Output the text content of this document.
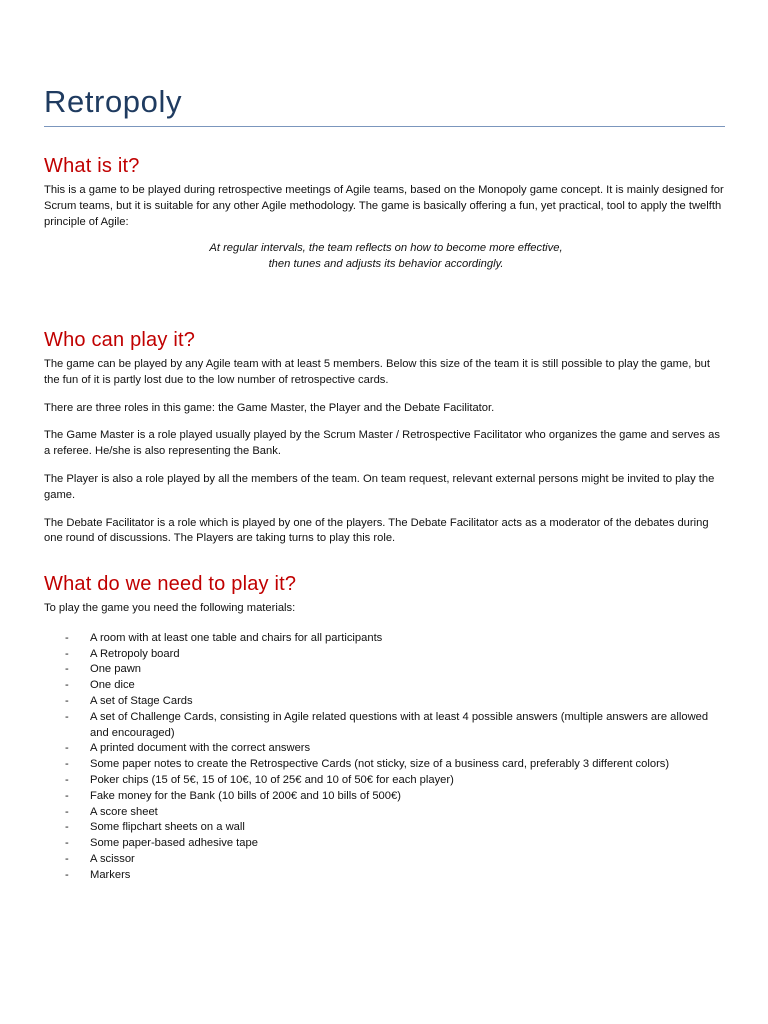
Retropoly
What is it?

This is a game to be played during retrospective meetings of Agile teams, based on the Monopoly game concept. It is mainly designed for Scrum teams, but it is suitable for any other Agile methodology. The game is basically offering a fun, yet practical, tool to apply the twelfth principle of Agile:

At regular intervals, the team reflects on how to become more effective,
then tunes and adjusts its behavior accordingly.

Who can play it?

The game can be played by any Agile team with at least 5 members. Below this size of the team it is still possible to play the game, but the fun of it is partly lost due to the low number of retrospective cards.

There are three roles in this game: the Game Master, the Player and the Debate Facilitator.

The Game Master is a role played usually played by the Scrum Master / Retrospective Facilitator who organizes the game and serves as a referee. He/she is also representing the Bank.

The Player is also a role played by all the members of the team. On team request, relevant external persons might be invited to play the game.

The Debate Facilitator is a role which is played by one of the players. The Debate Facilitator acts as a moderator of the debates during one round of discussions. The Players are taking turns to play this role.

What do we need to play it?

To play the game you need the following materials:

- A room with at least one table and chairs for all participants
- A Retropoly board
- One pawn
- One dice
- A set of Stage Cards
- A set of Challenge Cards, consisting in Agile related questions with at least 4 possible answers (multiple answers are allowed and encouraged)
- A printed document with the correct answers
- Some paper notes to create the Retrospective Cards (not sticky, size of a business card, preferably 3 different colors)
- Poker chips (15 of 5€, 15 of 10€, 10 of 25€ and 10 of 50€ for each player)
- Fake money for the Bank (10 bills of 200€ and 10 bills of 500€)
- A score sheet
- Some flipchart sheets on a wall
- Some paper-based adhesive tape
- A scissor
- Markers
